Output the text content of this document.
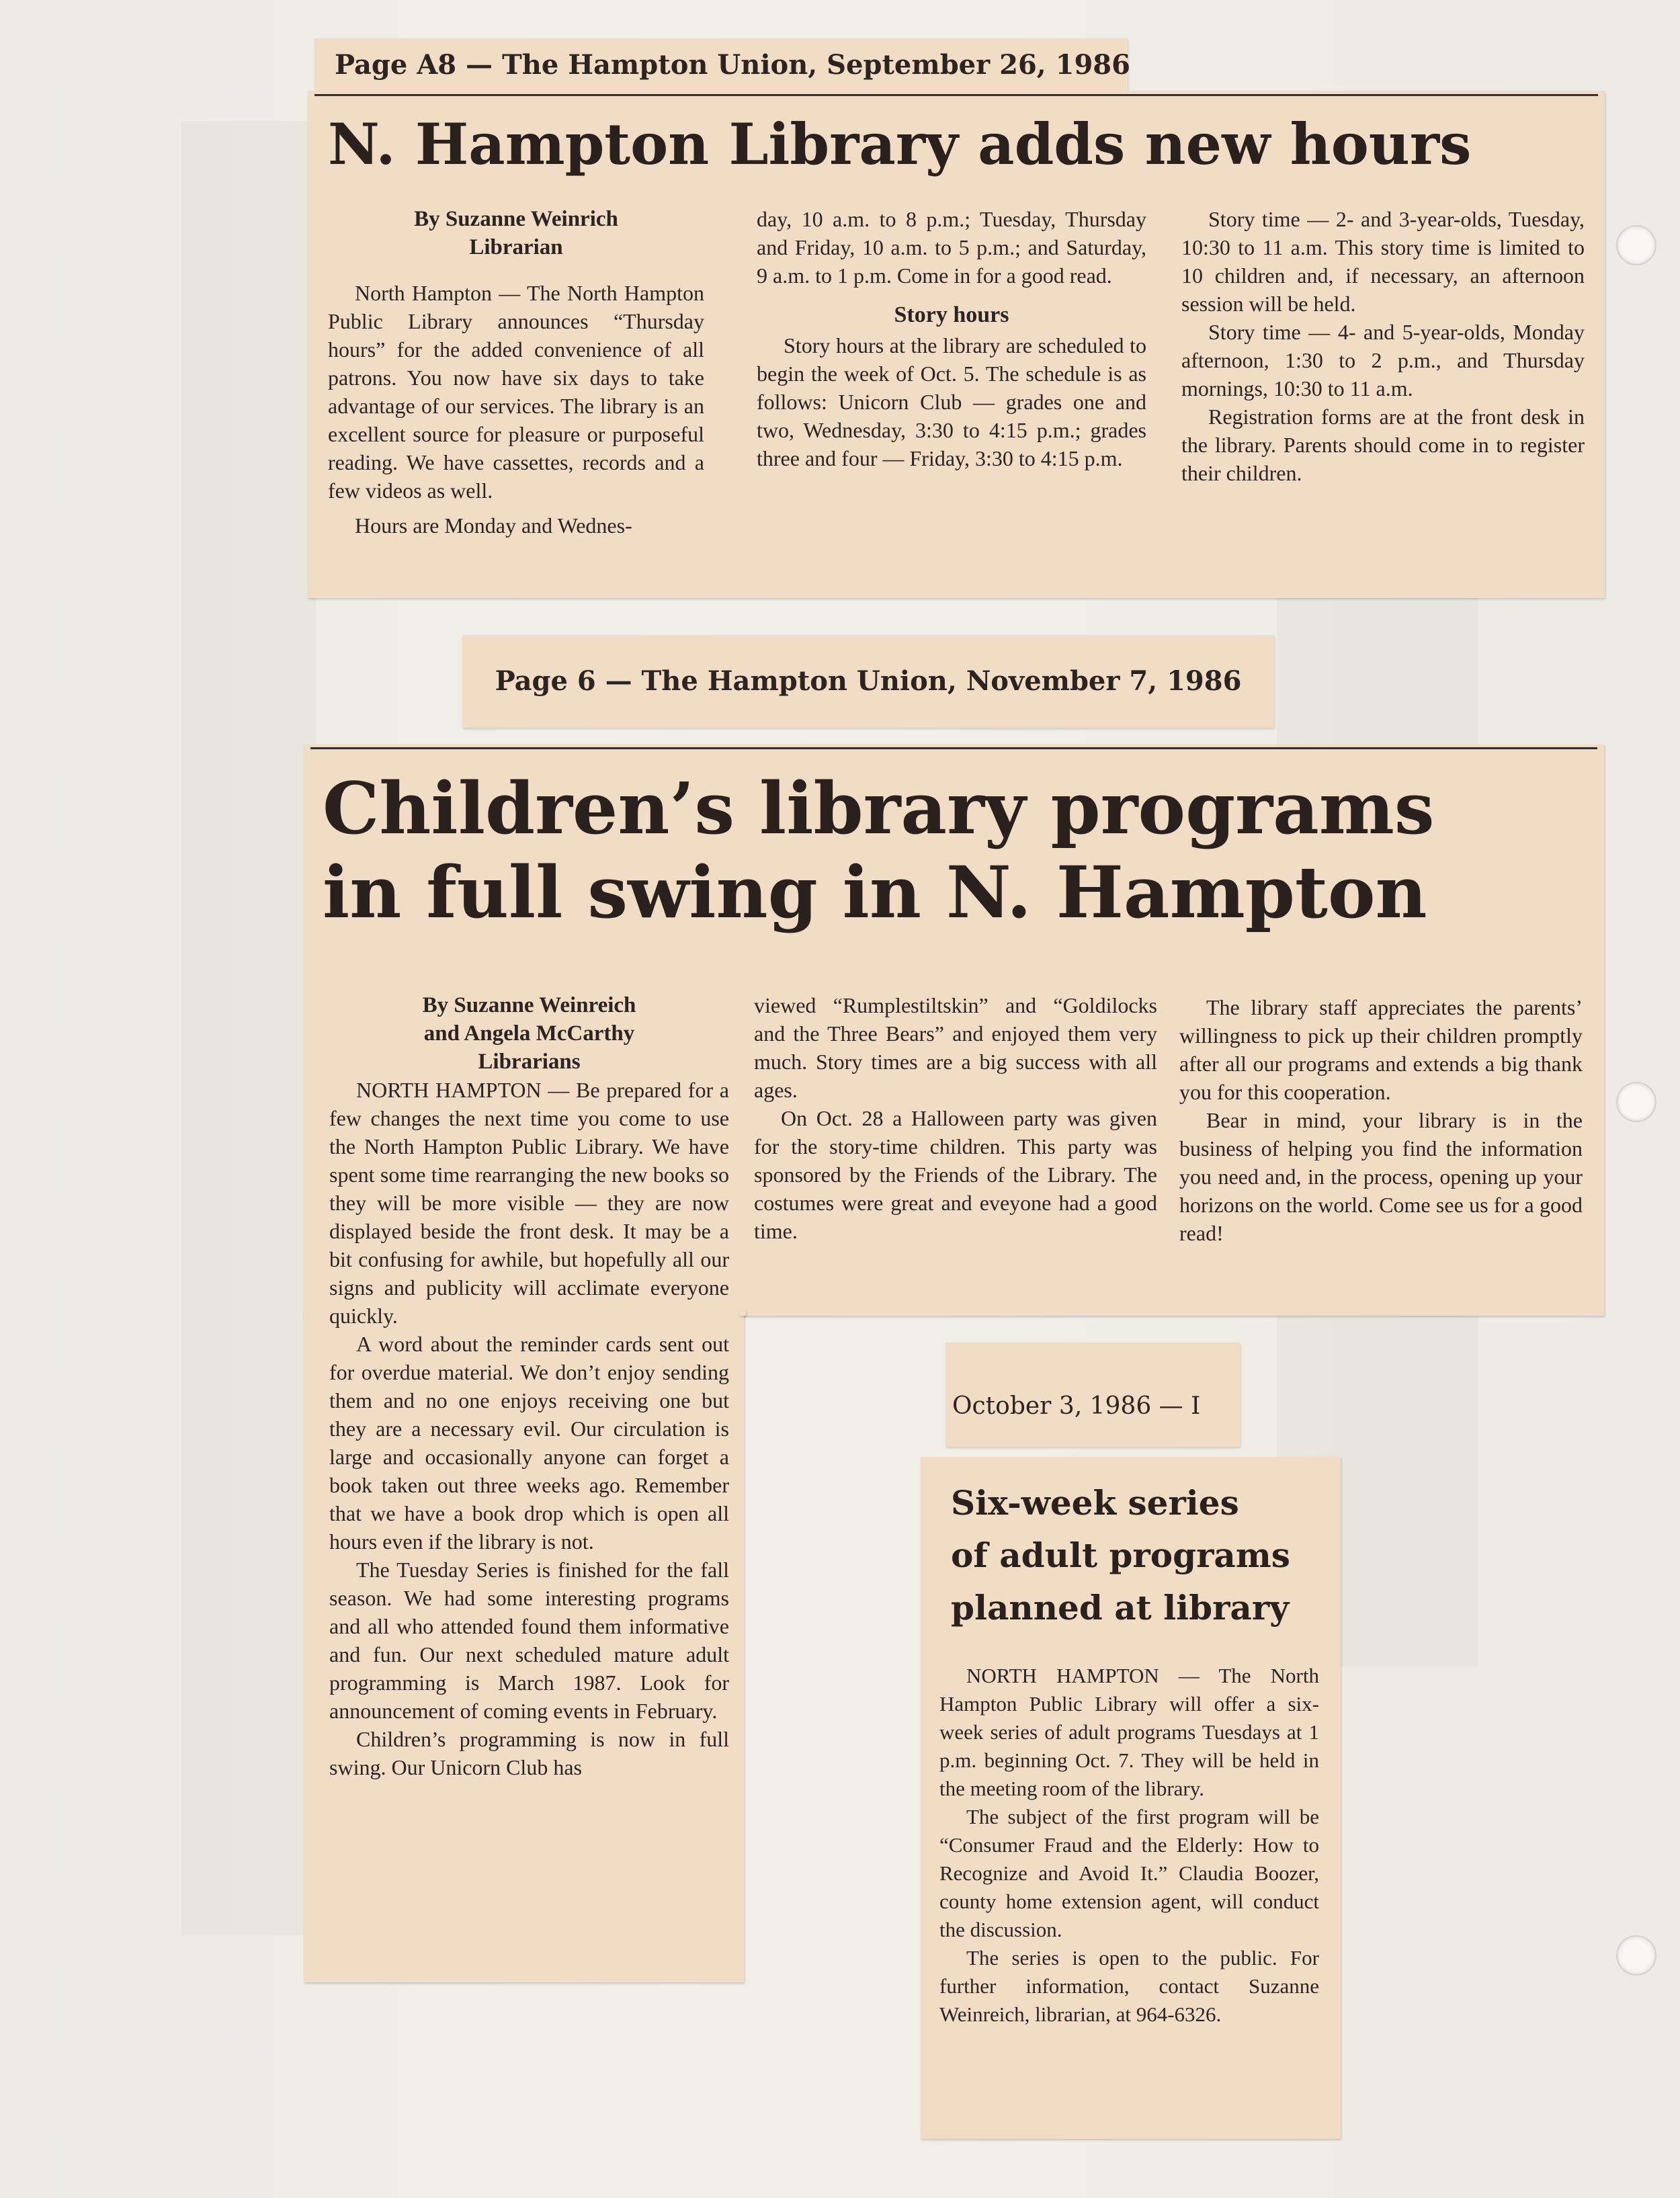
Page A8 — The Hampton Union, September 26, 1986
N. Hampton Library adds new hours
By Suzanne Weinrich
Librarian

North Hampton — The North Hampton Public Library announces “Thursday hours” for the added convenience of all patrons. You now have six days to take advantage of our services. The library is an excellent source for pleasure or purposeful reading. We have cassettes, records and a few videos as well.

Hours are Monday and Wednes-

day, 10 a.m. to 8 p.m.; Tuesday, Thursday and Friday, 10 a.m. to 5 p.m.; and Saturday, 9 a.m. to 1 p.m. Come in for a good read.

Story hours

Story hours at the library are scheduled to begin the week of Oct. 5. The schedule is as follows: Unicorn Club — grades one and two, Wednesday, 3:30 to 4:15 p.m.; grades three and four — Friday, 3:30 to 4:15 p.m.

Story time — 2- and 3-year-olds, Tuesday, 10:30 to 11 a.m. This story time is limited to 10 children and, if necessary, an afternoon session will be held.

Story time — 4- and 5-year-olds, Monday afternoon, 1:30 to 2 p.m., and Thursday mornings, 10:30 to 11 a.m.

Registration forms are at the front desk in the library. Parents should come in to register their children.

Page 6 — The Hampton Union, November 7, 1986
Children’s library programs
in full swing in N. Hampton

The library staff appreciates the parents’ willingness to pick up their children promptly after all our programs and extends a big thank you for this cooperation.

Bear in mind, your library is in the business of helping you find the information you need and, in the process, opening up your horizons on the world. Come see us for a good read!

By Suzanne Weinreich
and Angela McCarthy
Librarians

NORTH HAMPTON — Be prepared for a few changes the next time you come to use the North Hampton Public Library. We have spent some time rearranging the new books so they will be more visible — they are now displayed beside the front desk. It may be a bit confusing for awhile, but hopefully all our signs and publicity will acclimate everyone quickly.

A word about the reminder cards sent out for overdue material. We don’t enjoy sending them and no one enjoys receiving one but they are a necessary evil. Our circulation is large and occasionally anyone can forget a book taken out three weeks ago. Remember that we have a book drop which is open all hours even if the library is not.

The Tuesday Series is finished for the fall season. We had some interesting programs and all who attended found them informative and fun. Our next scheduled mature adult programming is March 1987. Look for announcement of coming events in February.

Children’s programming is now in full swing. Our Unicorn Club has

viewed “Rumplestiltskin” and “Goldilocks and the Three Bears” and enjoyed them very much. Story times are a big success with all ages.

On Oct. 28 a Halloween party was given for the story-time children. This party was sponsored by the Friends of the Library. The costumes were great and eveyone had a good time.

October 3, 1986 — I
Six-week series
of adult programs
planned at library

NORTH HAMPTON — The North Hampton Public Library will offer a six-week series of adult programs Tuesdays at 1 p.m. beginning Oct. 7. They will be held in the meeting room of the library.

The subject of the first program will be “Consumer Fraud and the Elderly: How to Recognize and Avoid It.” Claudia Boozer, county home extension agent, will conduct the discussion.

The series is open to the public. For further information, contact Suzanne Weinreich, librarian, at 964-6326.
